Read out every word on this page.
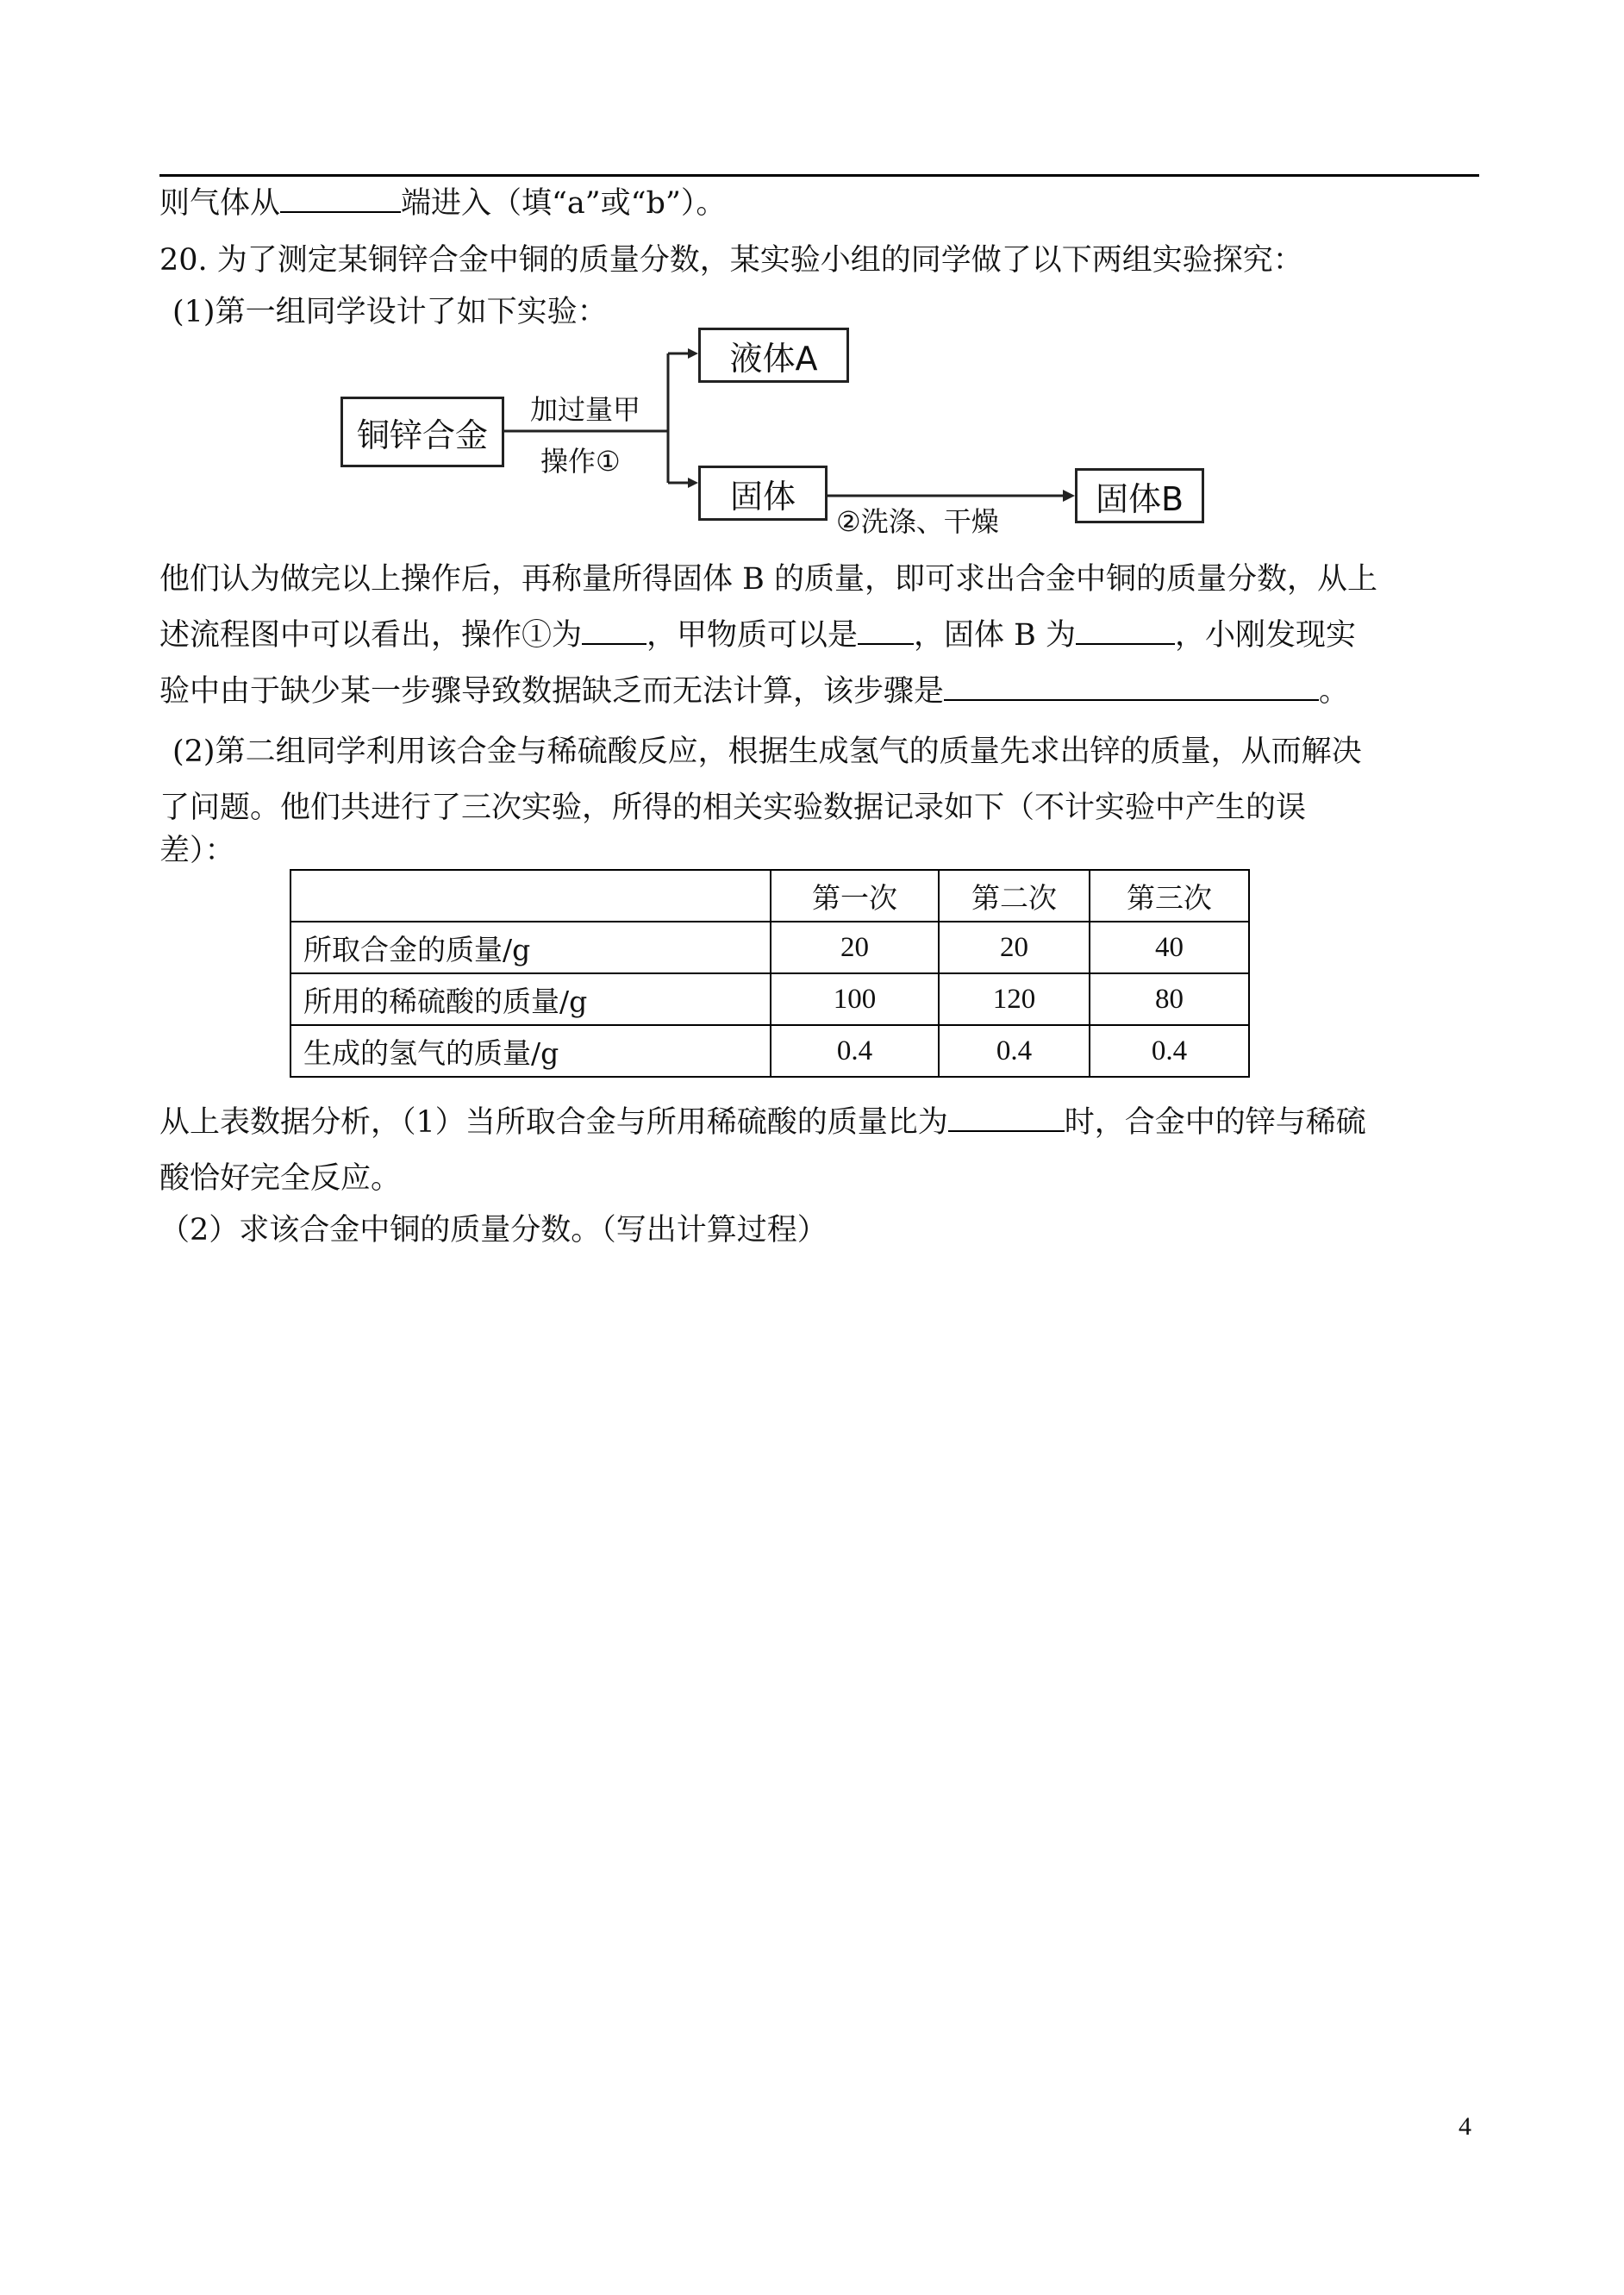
则气体从	端进入（填“a”或“b”）。
20. 为了测定某铜锌合金中铜的质量分数，某实验小组的同学做了以下两组实验探究：
(1)第一组同学设计了如下实验：
铜锌合金
加过量甲
操作①
液体A
固体
②洗涤、干燥
固体B
他们认为做完以上操作后，再称量所得固体 B 的质量，即可求出合金中铜的质量分数，从上
述流程图中可以看出，操作①为 ，甲物质可以是 ，固体 B 为	，小刚发现实
验中由于缺少某一步骤导致数据缺乏而无法计算，该步骤是	。
(2)第二组同学利用该合金与稀硫酸反应，根据生成氢气的质量先求出锌的质量，从而解决
了问题。他们共进行了三次实验，所得的相关实验数据记录如下（不计实验中产生的误
差）：
	第一次	第二次	第三次
所取合金的质量/g	20	20	40
所用的稀硫酸的质量/g	100	120	80
生成的氢气的质量/g	0.4	0.4	0.4
从上表数据分析，（1）当所取合金与所用稀硫酸的质量比为	时，合金中的锌与稀硫
酸恰好完全反应。
（2）求该合金中铜的质量分数。（写出计算过程）
4
